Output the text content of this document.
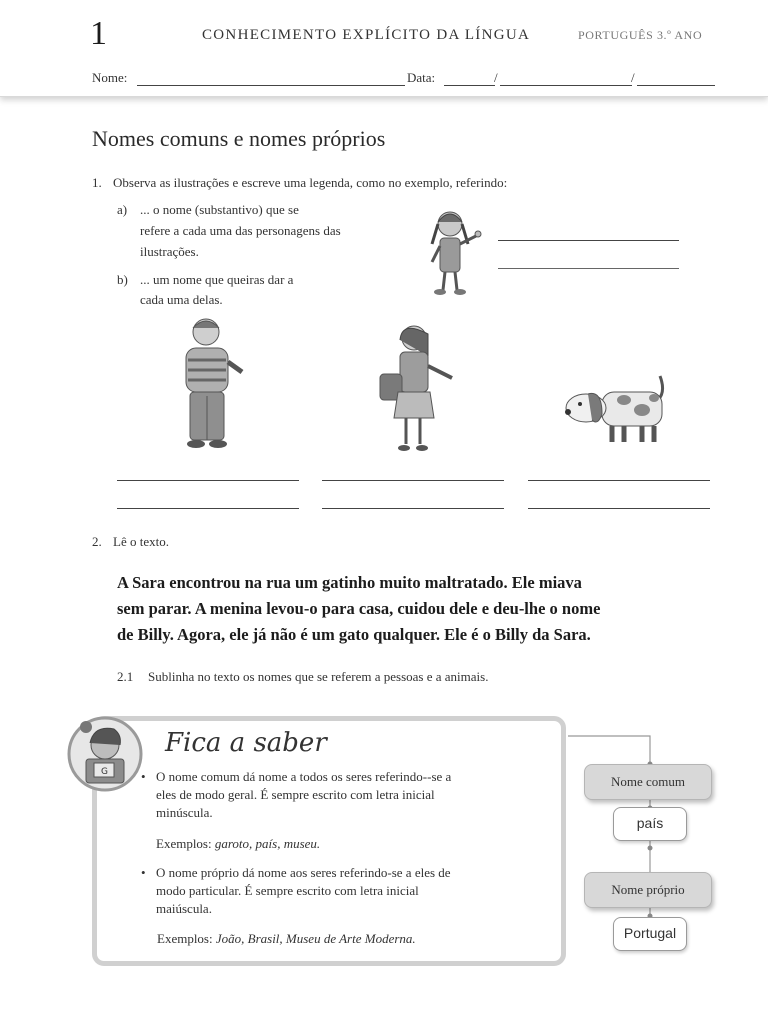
1	CONHECIMENTO EXPLÍCITO DA LÍNGUA	PORTUGUÊS 3.º ANO
Nome:	Data:	/	/
Nomes comuns e nomes próprios
1. Observa as ilustrações e escreve uma legenda, como no exemplo, referindo:
a) ... o nome (substantivo) que se
refere a cada uma das personagens das
ilustrações.
b) ... um nome que queiras dar a
cada uma delas.
2. Lê o texto.
A Sara encontrou na rua um gatinho muito maltratado. Ele miava
sem parar. A menina levou-o para casa, cuidou dele e deu-lhe o nome
de Billy. Agora, ele já não é um gato qualquer. Ele é o Billy da Sara.
2.1 Sublinha no texto os nomes que se referem a pessoas e a animais.
G
Fica a saber
• O nome comum dá nome a todos os seres referindo--se a
eles de modo geral. É sempre escrito com letra inicial
minúscula.
Exemplos: garoto, país, museu.
• O nome próprio dá nome aos seres referindo-se a eles de
modo particular. É sempre escrito com letra inicial
maiúscula.
Exemplos: João, Brasil, Museu de Arte Moderna.
Nome comum
país
Nome próprio
Portugal
